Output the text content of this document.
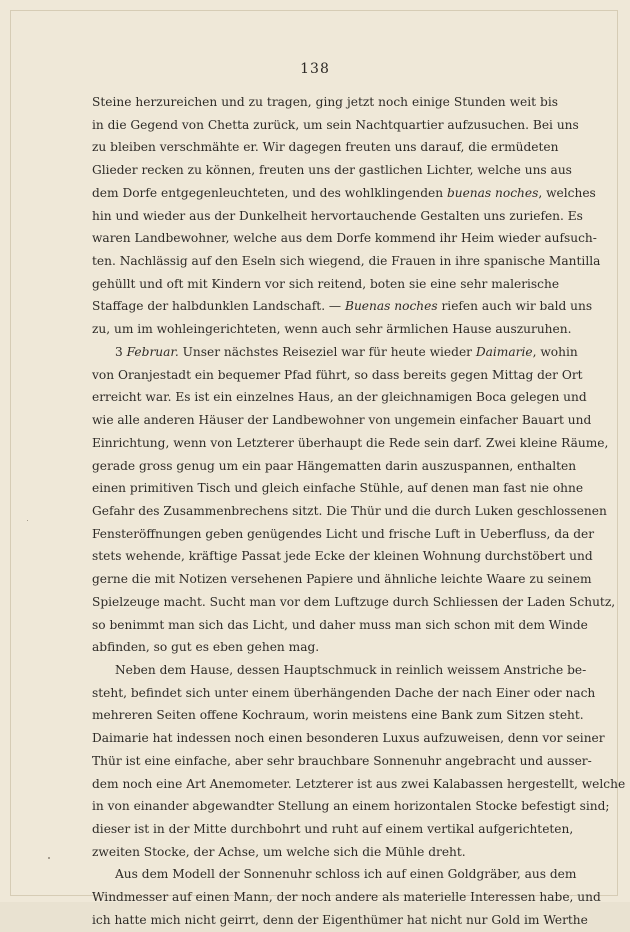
138
Steine herzureichen und zu tragen, ging jetzt noch einige Stunden weit bis
in die Gegend von Chetta zurück, um sein Nachtquartier aufzusuchen. Bei uns
zu bleiben verschmähte er. Wir dagegen freuten uns darauf, die ermüdeten
Glieder recken zu können, freuten uns der gastlichen Lichter, welche uns aus
dem Dorfe entgegenleuchteten, und des wohlklingenden buenas noches, welches
hin und wieder aus der Dunkelheit hervortauchende Gestalten uns zuriefen. Es
waren Landbewohner, welche aus dem Dorfe kommend ihr Heim wieder aufsuch-
ten. Nachlässig auf den Eseln sich wiegend, die Frauen in ihre spanische Mantilla
gehüllt und oft mit Kindern vor sich reitend, boten sie eine sehr malerische
Staffage der halbdunklen Landschaft. — Buenas noches riefen auch wir bald uns
zu, um im wohleingerichteten, wenn auch sehr ärmlichen Hause auszuruhen.
3 Februar. Unser nächstes Reiseziel war für heute wieder Daimarie, wohin
von Oranjestadt ein bequemer Pfad führt, so dass bereits gegen Mittag der Ort
erreicht war. Es ist ein einzelnes Haus, an der gleichnamigen Boca gelegen und
wie alle anderen Häuser der Landbewohner von ungemein einfacher Bauart und
Einrichtung, wenn von Letzterer überhaupt die Rede sein darf. Zwei kleine Räume,
gerade gross genug um ein paar Hängematten darin auszuspannen, enthalten
einen primitiven Tisch und gleich einfache Stühle, auf denen man fast nie ohne
Gefahr des Zusammenbrechens sitzt. Die Thür und die durch Luken geschlossenen
Fensteröffnungen geben genügendes Licht und frische Luft in Ueberfluss, da der
stets wehende, kräftige Passat jede Ecke der kleinen Wohnung durchstöbert und
gerne die mit Notizen versehenen Papiere und ähnliche leichte Waare zu seinem
Spielzeuge macht. Sucht man vor dem Luftzuge durch Schliessen der Laden Schutz,
so benimmt man sich das Licht, und daher muss man sich schon mit dem Winde
abfinden, so gut es eben gehen mag.
Neben dem Hause, dessen Hauptschmuck in reinlich weissem Anstriche be-
steht, befindet sich unter einem überhängenden Dache der nach Einer oder nach
mehreren Seiten offene Kochraum, worin meistens eine Bank zum Sitzen steht.
Daimarie hat indessen noch einen besonderen Luxus aufzuweisen, denn vor seiner
Thür ist eine einfache, aber sehr brauchbare Sonnenuhr angebracht und ausser-
dem noch eine Art Anemometer. Letzterer ist aus zwei Kalabassen hergestellt, welche
in von einander abgewandter Stellung an einem horizontalen Stocke befestigt sind;
dieser ist in der Mitte durchbohrt und ruht auf einem vertikal aufgerichteten,
zweiten Stocke, der Achse, um welche sich die Mühle dreht.
Aus dem Modell der Sonnenuhr schloss ich auf einen Goldgräber, aus dem
Windmesser auf einen Mann, der noch andere als materielle Interessen habe, und
ich hatte mich nicht geirrt, denn der Eigenthümer hat nicht nur Gold im Werthe
